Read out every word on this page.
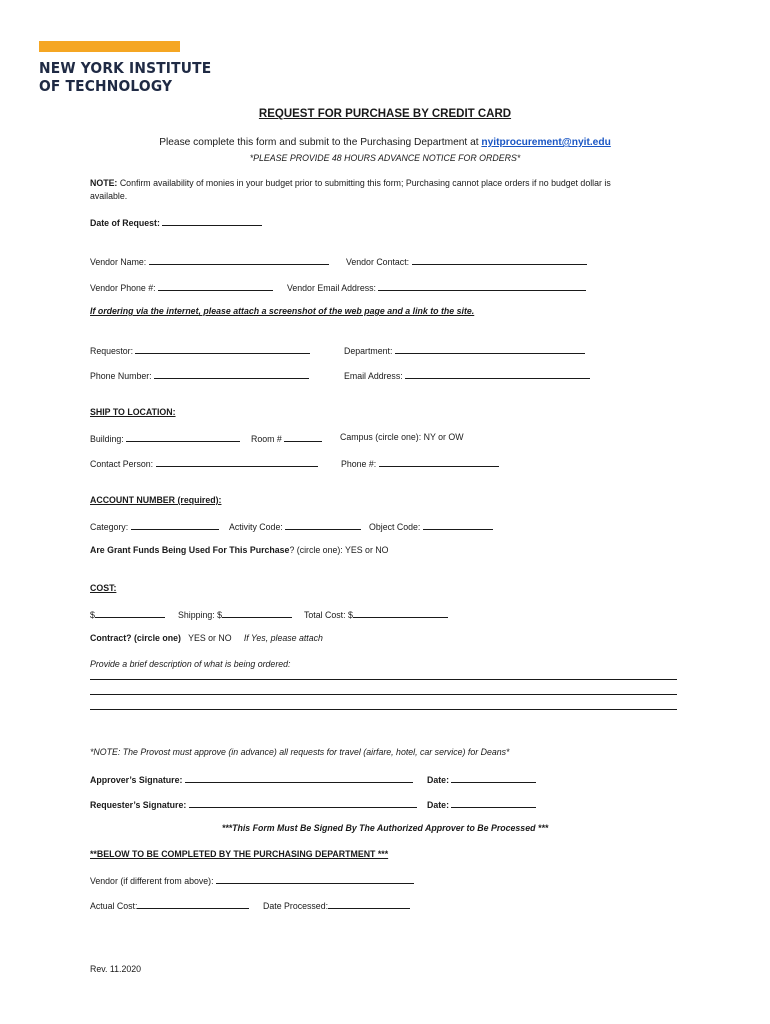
NEW YORK INSTITUTE
OF TECHNOLOGY
REQUEST FOR PURCHASE BY CREDIT CARD
Please complete this form and submit to the Purchasing Department at nyitprocurement@nyit.edu
*PLEASE PROVIDE 48 HOURS ADVANCE NOTICE FOR ORDERS*
NOTE: Confirm availability of monies in your budget prior to submitting this form; Purchasing cannot place orders if no budget dollar is
available.
Date of Request:
Vendor Name:	Vendor Contact:
Vendor Phone #:	Vendor Email Address:
If ordering via the internet, please attach a screenshot of the web page and a link to the site.
Requestor:	Department:
Phone Number:	Email Address:
SHIP TO LOCATION:
Building:	Room #	Campus (circle one): NY or OW
Contact Person:	Phone #:
ACCOUNT NUMBER (required):
Category:	Activity Code:	Object Code:
Are Grant Funds Being Used For This Purchase? (circle one): YES or NO
COST:
$	Shipping: $	Total Cost: $
Contract? (circle one) YES or NO If Yes, please attach
Provide a brief description of what is being ordered:
*NOTE: The Provost must approve (in advance) all requests for travel (airfare, hotel, car service) for Deans*
Approver’s Signature:	Date:
Requester’s Signature:	Date:
***This Form Must Be Signed By The Authorized Approver to Be Processed ***
**BELOW TO BE COMPLETED BY THE PURCHASING DEPARTMENT ***
Vendor (if different from above):
Actual Cost:	Date Processed:
Rev. 11.2020
